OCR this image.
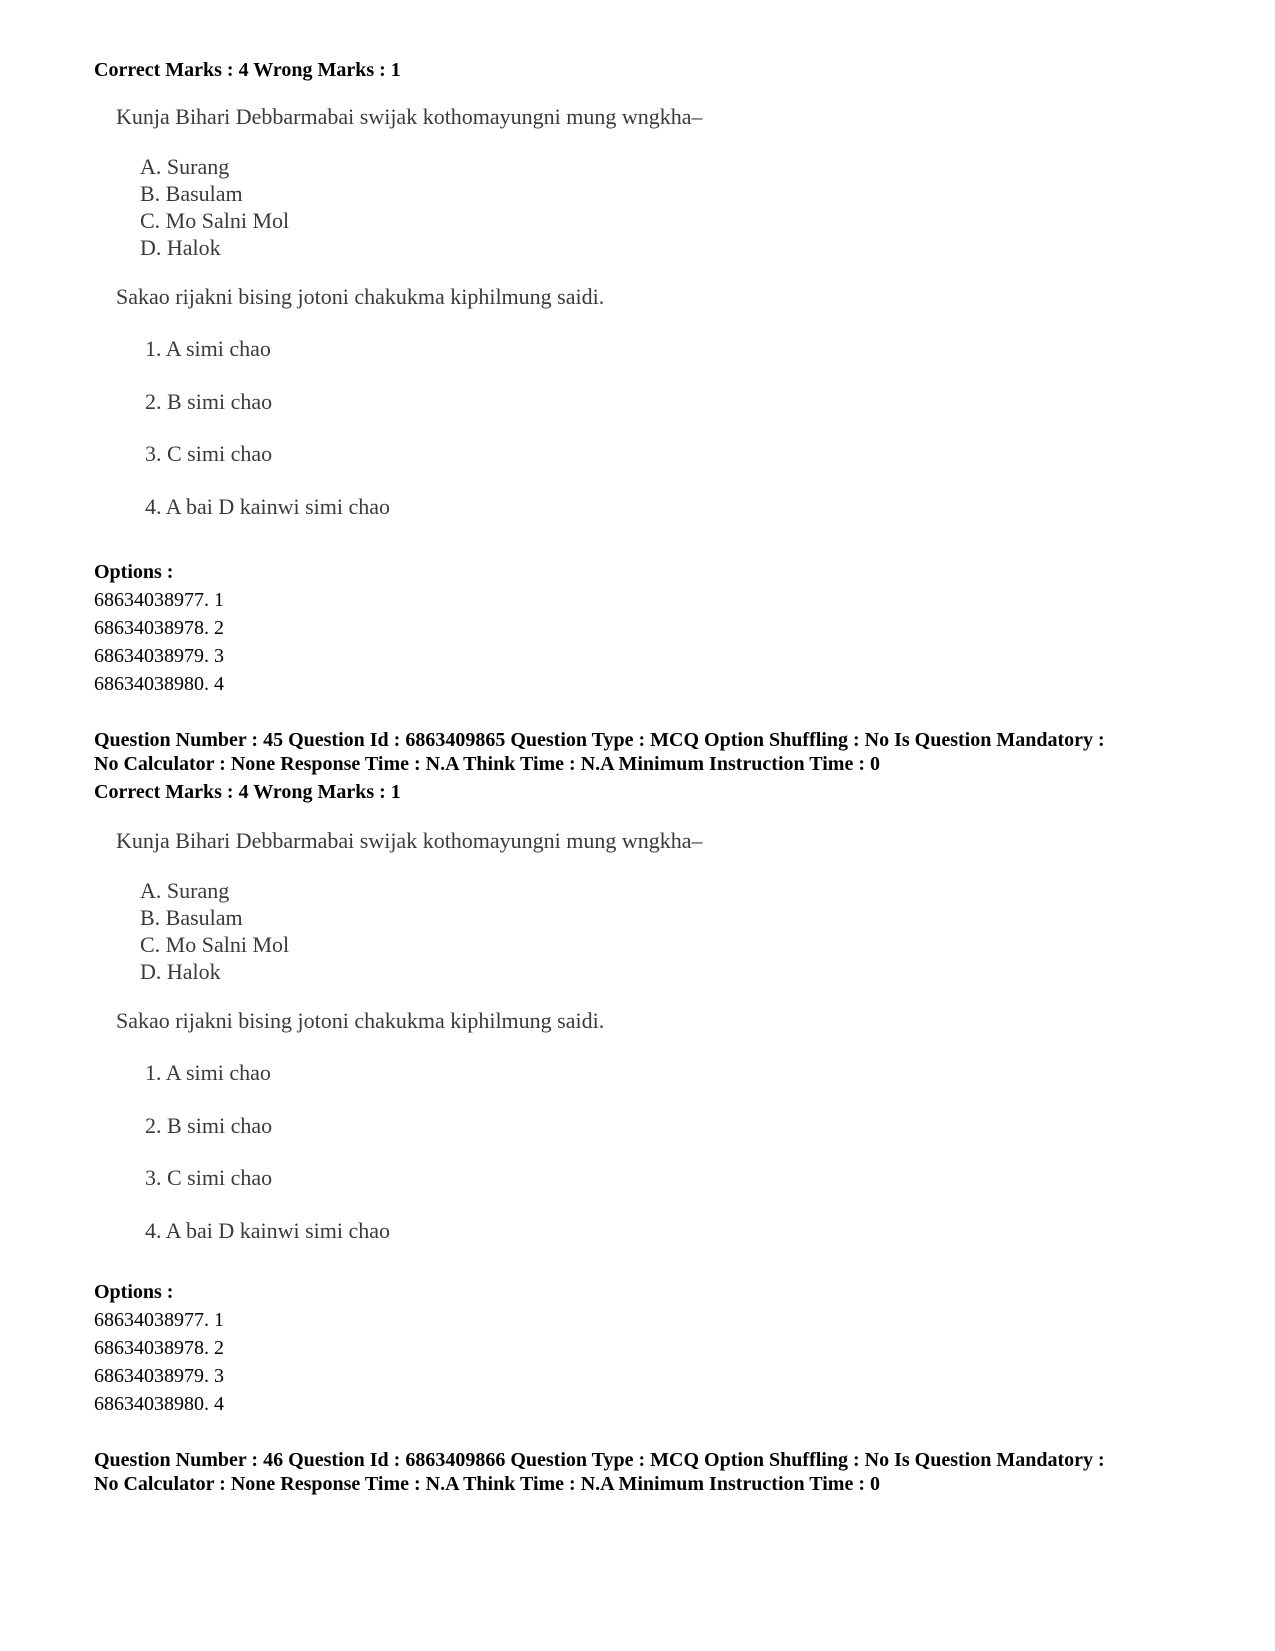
Correct Marks : 4 Wrong Marks : 1
Kunja Bihari Debbarmabai swijak kothomayungni mung wngkha–
A. Surang
B. Basulam
C. Mo Salni Mol
D. Halok
Sakao rijakni bising jotoni chakukma kiphilmung saidi.
1. A simi chao
2. B simi chao
3. C simi chao
4. A bai D kainwi simi chao
Options :
68634038977. 1
68634038978. 2
68634038979. 3
68634038980. 4
Question Number : 45 Question Id : 6863409865 Question Type : MCQ Option Shuffling : No Is Question Mandatory :
No Calculator : None Response Time : N.A Think Time : N.A Minimum Instruction Time : 0
Correct Marks : 4 Wrong Marks : 1
Kunja Bihari Debbarmabai swijak kothomayungni mung wngkha–
A. Surang
B. Basulam
C. Mo Salni Mol
D. Halok
Sakao rijakni bising jotoni chakukma kiphilmung saidi.
1. A simi chao
2. B simi chao
3. C simi chao
4. A bai D kainwi simi chao
Options :
68634038977. 1
68634038978. 2
68634038979. 3
68634038980. 4
Question Number : 46 Question Id : 6863409866 Question Type : MCQ Option Shuffling : No Is Question Mandatory :
No Calculator : None Response Time : N.A Think Time : N.A Minimum Instruction Time : 0
